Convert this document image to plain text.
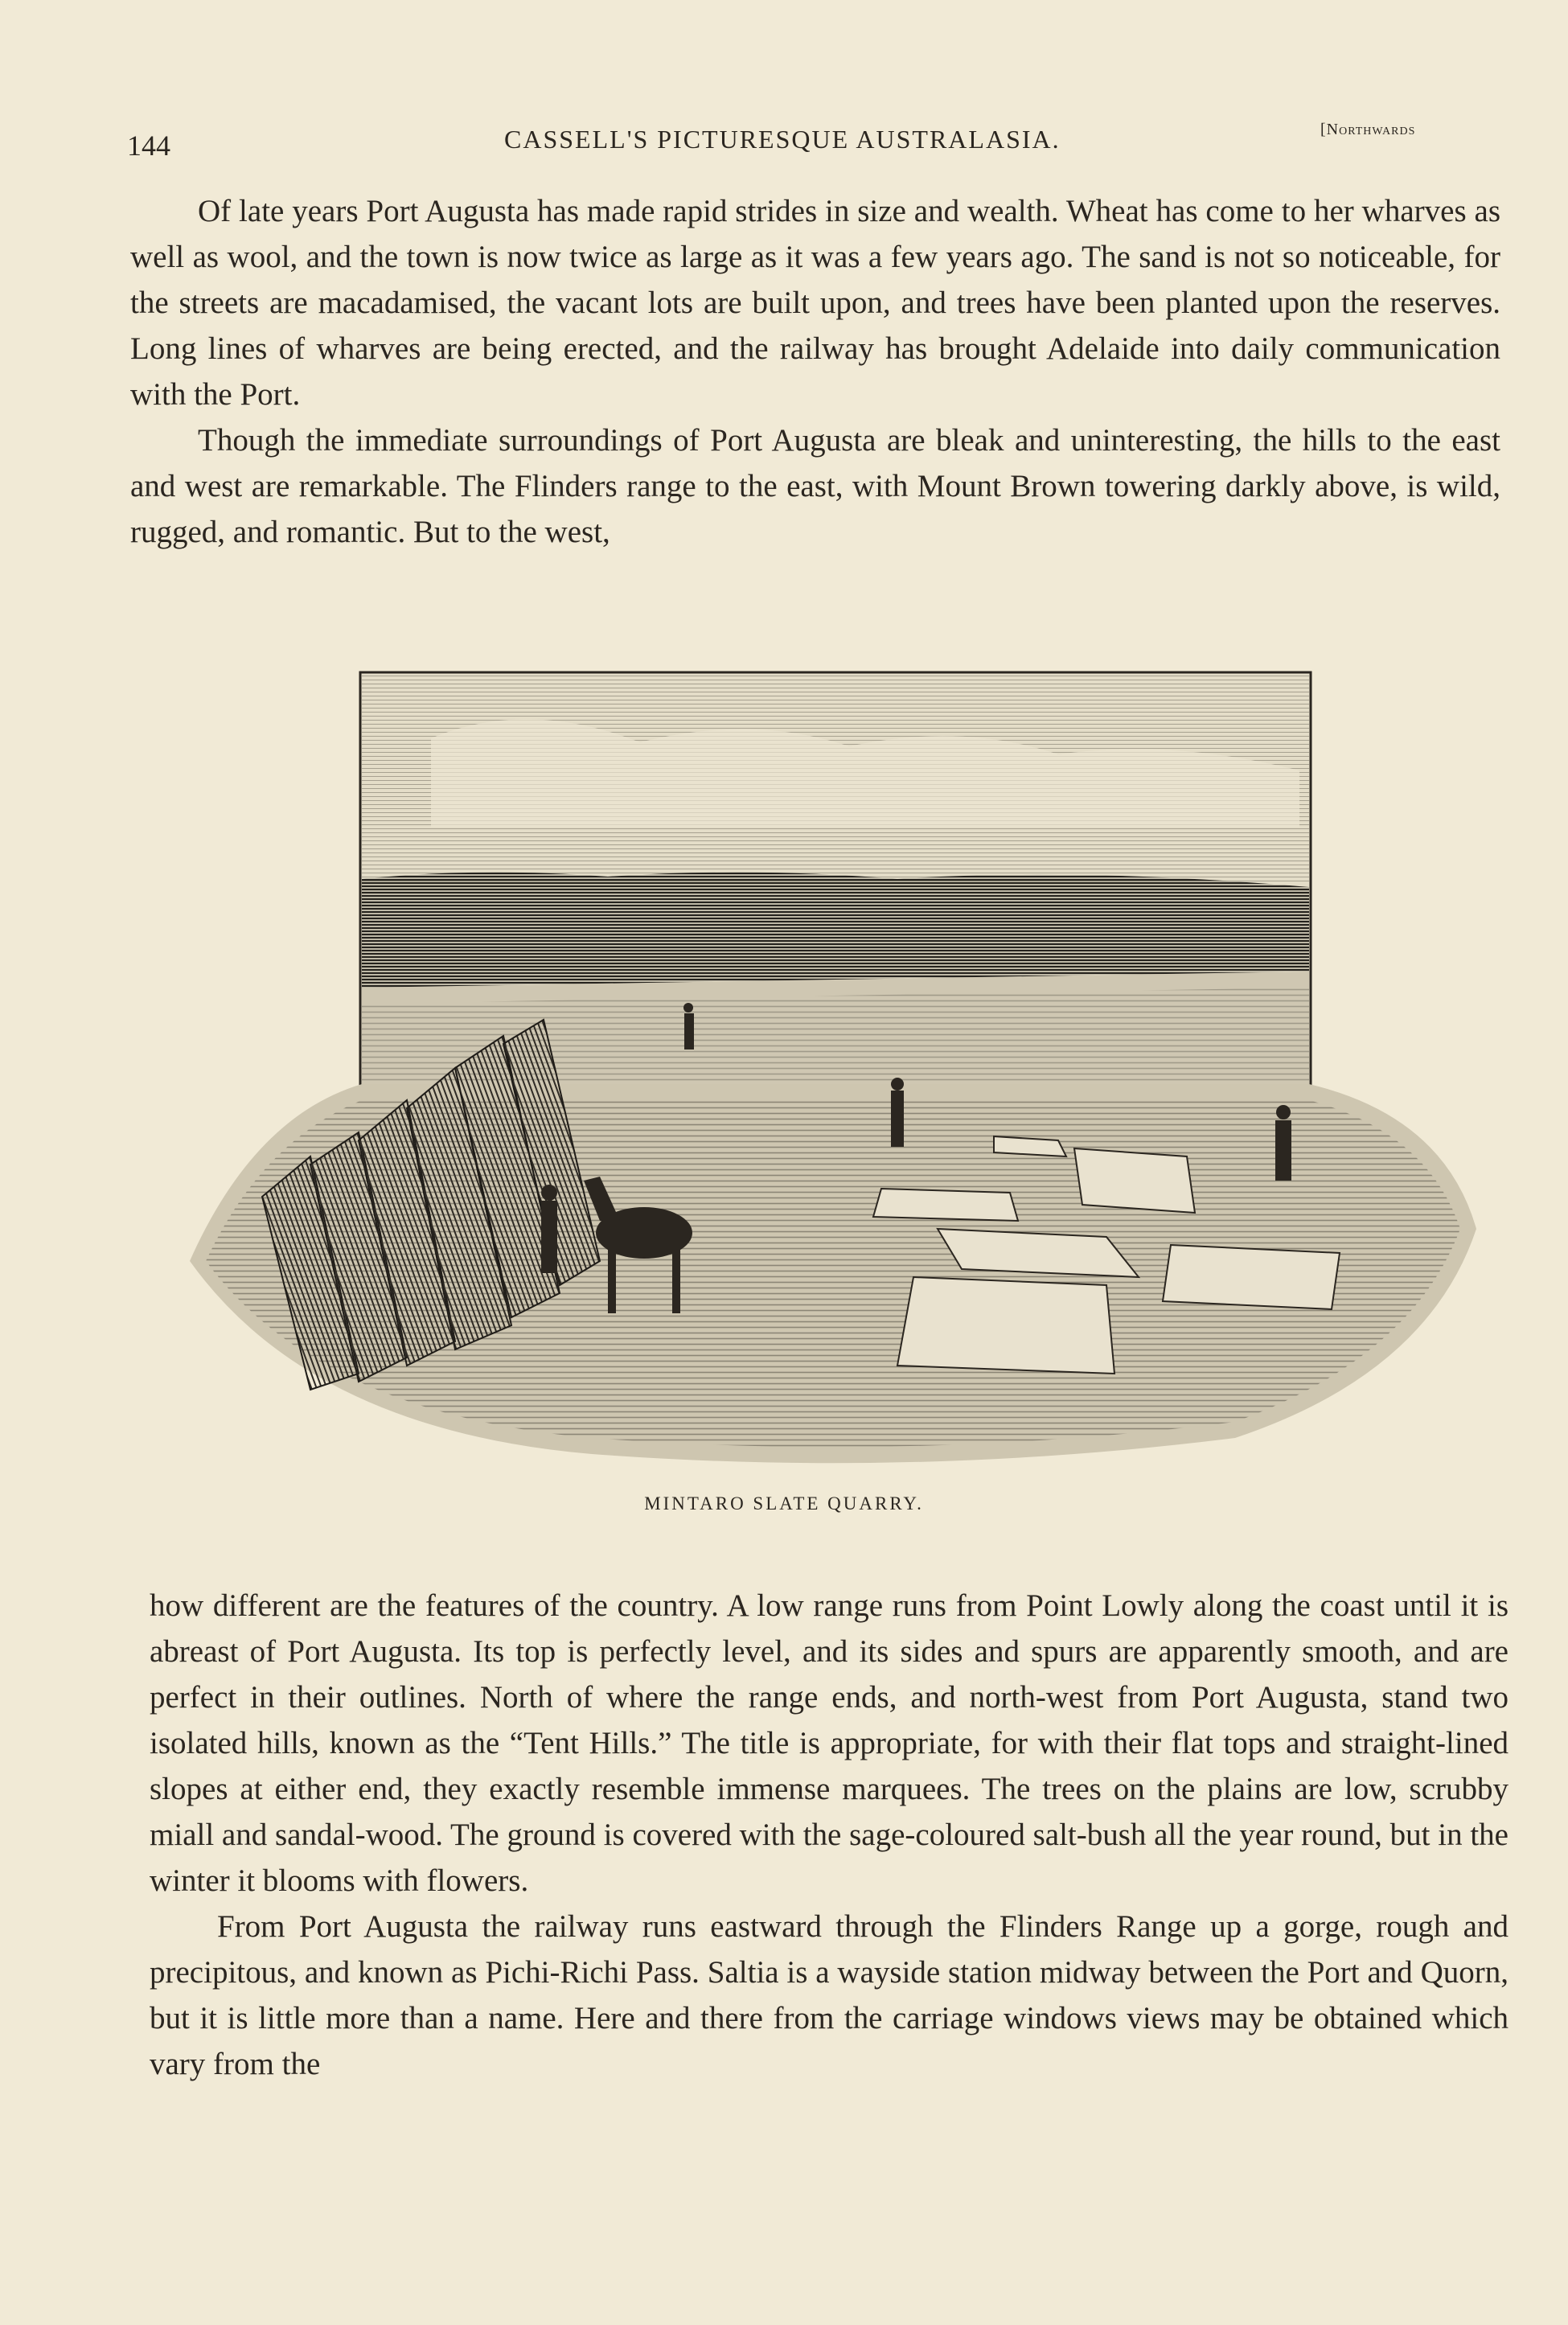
144	CASSELL'S PICTURESQUE AUSTRALASIA.	[Northwards

Of late years Port Augusta has made rapid strides in size and wealth. Wheat has come to her wharves as well as wool, and the town is now twice as large as it was a few years ago. The sand is not so noticeable, for the streets are macadamised, the vacant lots are built upon, and trees have been planted upon the reserves. Long lines of wharves are being erected, and the railway has brought Adelaide into daily communication with the Port.

Though the immediate surroundings of Port Augusta are bleak and uninteresting, the hills to the east and west are remarkable. The Flinders range to the east, with Mount Brown towering darkly above, is wild, rugged, and romantic. But to the west,

MINTARO SLATE QUARRY.

how different are the features of the country. A low range runs from Point Lowly along the coast until it is abreast of Port Augusta. Its top is perfectly level, and its sides and spurs are apparently smooth, and are perfect in their outlines. North of where the range ends, and north-west from Port Augusta, stand two isolated hills, known as the “Tent Hills.” The title is appropriate, for with their flat tops and straight-lined slopes at either end, they exactly resemble immense marquees. The trees on the plains are low, scrubby miall and sandal-wood. The ground is covered with the sage-coloured salt-bush all the year round, but in the winter it blooms with flowers.

From Port Augusta the railway runs eastward through the Flinders Range up a gorge, rough and precipitous, and known as Pichi-Richi Pass. Saltia is a wayside station midway between the Port and Quorn, but it is little more than a name. Here and there from the carriage windows views may be obtained which vary from the
